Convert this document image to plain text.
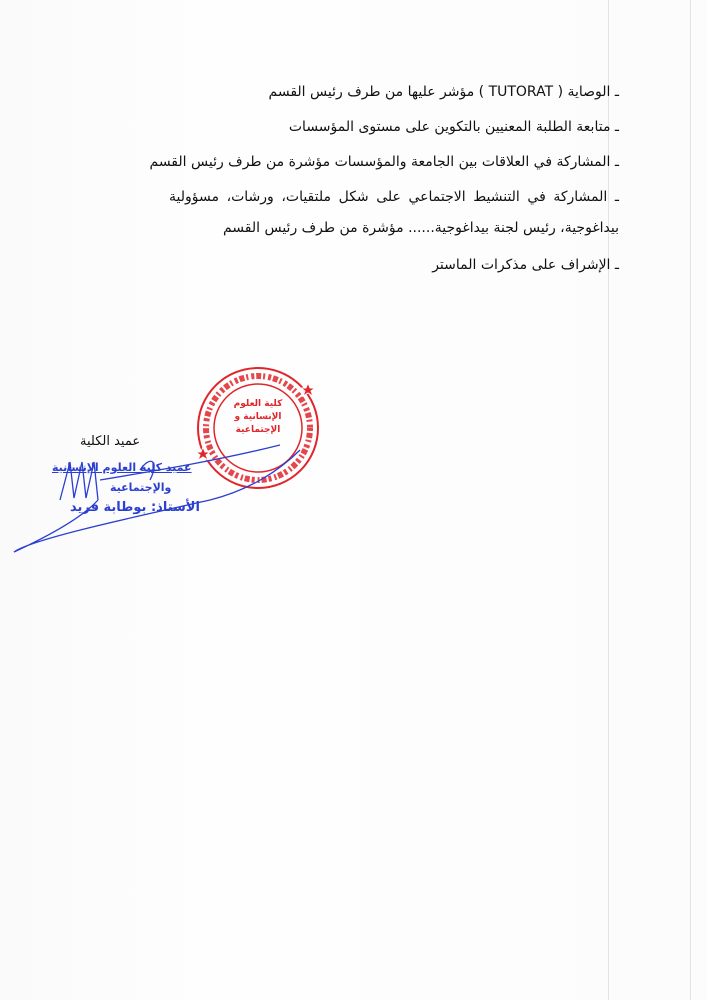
ـ الوصاية ( TUTORAT ) مؤشر عليها من طرف رئيس القسم
ـ متابعة الطلبة المعنيين بالتكوين على مستوى المؤسسات
ـ المشاركة في العلاقات بين الجامعة والمؤسسات مؤشرة من طرف رئيس القسم
ـ المشاركة في التنشيط الاجتماعي على شكل ملتقيات، ورشات، مسؤولية بيداغوجية، رئيس لجنة بيداغوجية...... مؤشرة من طرف رئيس القسم
ـ الإشراف على مذكرات الماستر
كلية العلوم الإنسانية و الإجتماعية
عميد الكلية
عميد كلية العلوم الإنسانية
والإجتماعية
الأستاذ: بوطابة فريد
